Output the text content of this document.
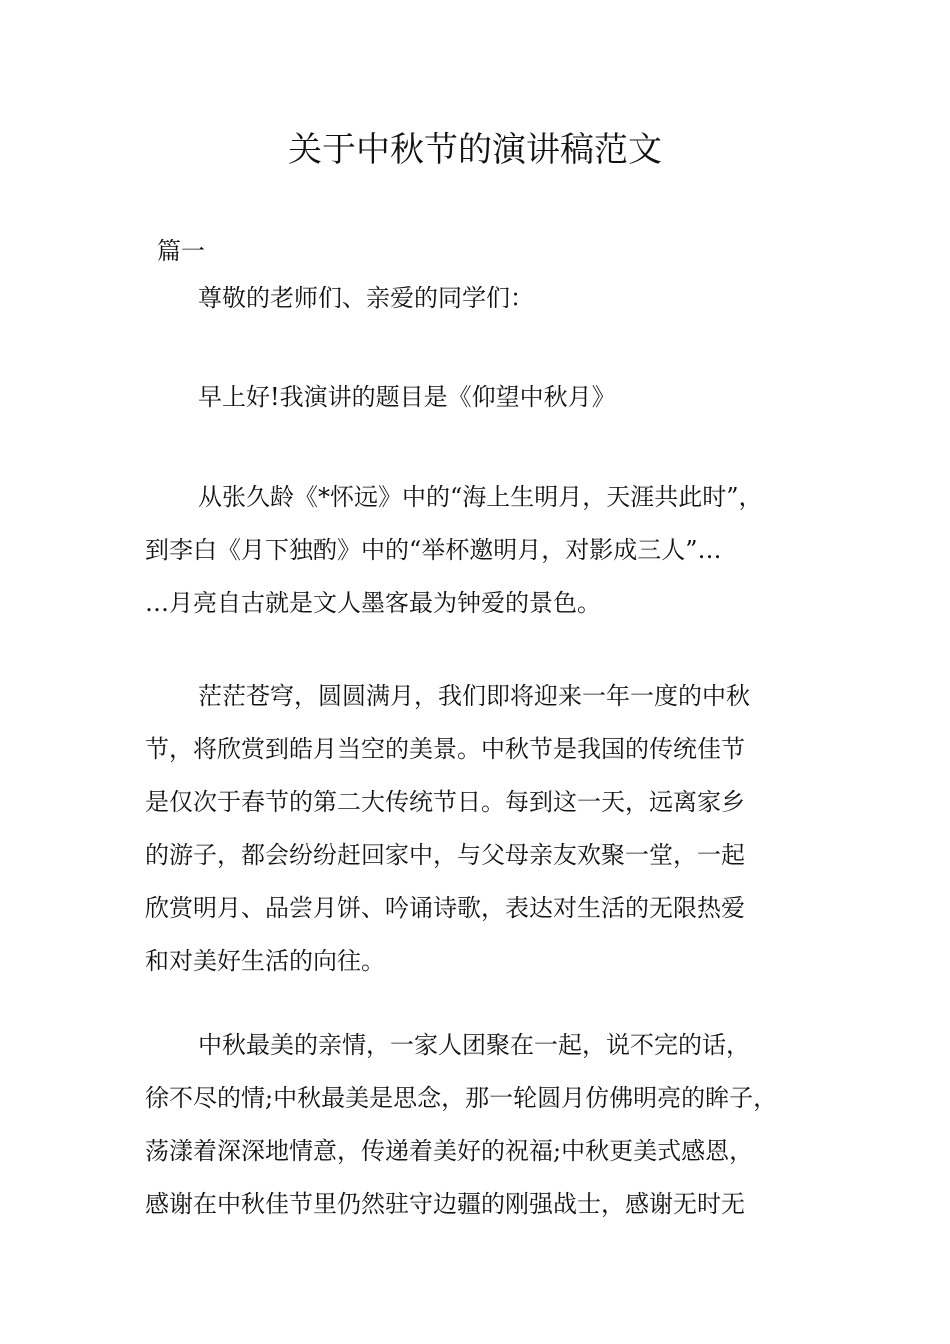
关于中秋节的演讲稿范文
篇一
尊敬的老师们、亲爱的同学们：
早上好!我演讲的题目是《仰望中秋月》
从张久龄《*怀远》中的“海上生明月，天涯共此时”，
到李白《月下独酌》中的“举杯邀明月，对影成三人”…
…月亮自古就是文人墨客最为钟爱的景色。
茫茫苍穹，圆圆满月，我们即将迎来一年一度的中秋
节，将欣赏到皓月当空的美景。中秋节是我国的传统佳节
是仅次于春节的第二大传统节日。每到这一天，远离家乡
的游子，都会纷纷赶回家中，与父母亲友欢聚一堂，一起
欣赏明月、品尝月饼、吟诵诗歌，表达对生活的无限热爱
和对美好生活的向往。
中秋最美的亲情，一家人团聚在一起，说不完的话，
徐不尽的情;中秋最美是思念，那一轮圆月仿佛明亮的眸子，
荡漾着深深地情意，传递着美好的祝福;中秋更美式感恩，
感谢在中秋佳节里仍然驻守边疆的刚强战士，感谢无时无
